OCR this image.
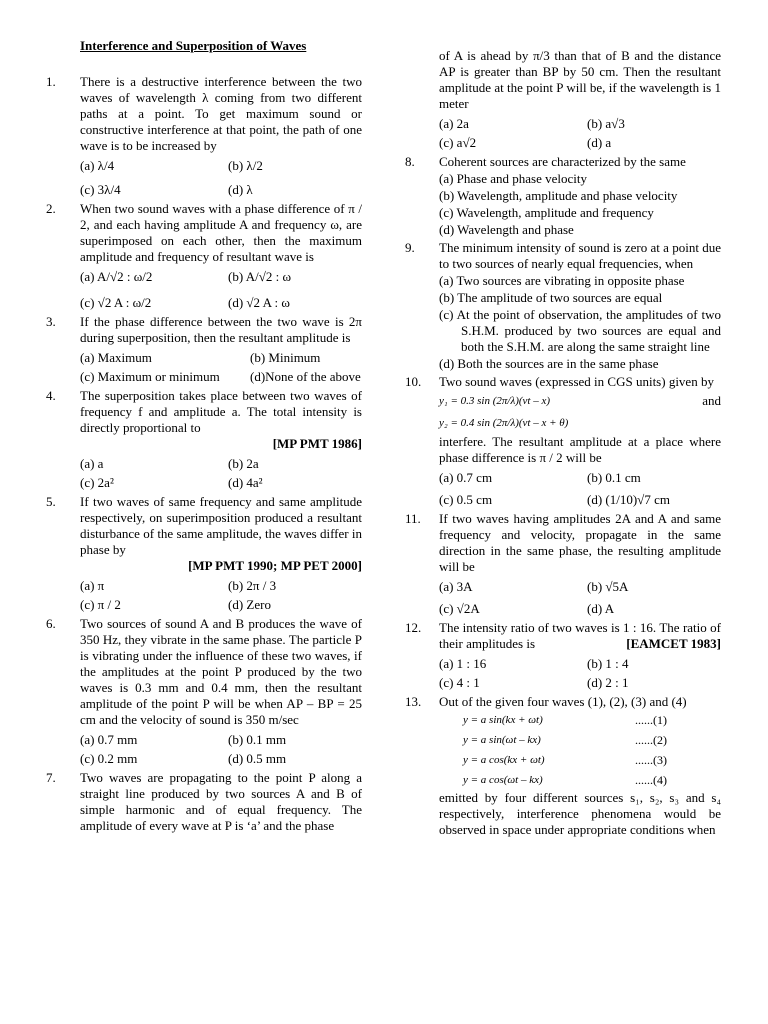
Interference and Superposition of Waves
1. There is a destructive interference between the two waves of wavelength λ coming from two different paths at a point. To get maximum sound or constructive interference at that point, the path of one wave is to be increased by
(a) λ/4	(b) λ/2
(c) 3λ/4	(d) λ
2. When two sound waves with a phase difference of π / 2, and each having amplitude A and frequency ω, are superimposed on each other, then the maximum amplitude and frequency of resultant wave is
(a) A/√2 : ω/2	(b) A/√2 : ω
(c) √2 A : ω/2	(d) √2 A : ω
3. If the phase difference between the two wave is 2π during superposition, then the resultant amplitude is
(a) Maximum	(b) Minimum
(c) Maximum or minimum	(d)None of the above
4. The superposition takes place between two waves of frequency f and amplitude a. The total intensity is directly proportional to
[MP PMT 1986]
(a) a	(b) 2a
(c) 2a²	(d) 4a²
5. If two waves of same frequency and same amplitude respectively, on superimposition produced a resultant disturbance of the same amplitude, the waves differ in phase by
[MP PMT 1990; MP PET 2000]
(a) π	(b) 2π / 3
(c) π / 2	(d) Zero
6. Two sources of sound A and B produces the wave of 350 Hz, they vibrate in the same phase. The particle P is vibrating under the influence of these two waves, if the amplitudes at the point P produced by the two waves is 0.3 mm and 0.4 mm, then the resultant amplitude of the point P will be when AP – BP = 25 cm and the velocity of sound is 350 m/sec
(a) 0.7 mm	(b) 0.1 mm
(c) 0.2 mm	(d) 0.5 mm
7. Two waves are propagating to the point P along a straight line produced by two sources A and B of simple harmonic and of equal frequency. The amplitude of every wave at P is ‘a’ and the phase
of A is ahead by π/3 than that of B and the distance AP is greater than BP by 50 cm. Then the resultant amplitude at the point P will be, if the wavelength is 1 meter
(a) 2a	(b) a√3
(c) a√2	(d) a
8. Coherent sources are characterized by the same
(a) Phase and phase velocity
(b) Wavelength, amplitude and phase velocity
(c) Wavelength, amplitude and frequency
(d) Wavelength and phase
9. The minimum intensity of sound is zero at a point due to two sources of nearly equal frequencies, when
(a) Two sources are vibrating in opposite phase
(b) The amplitude of two sources are equal
(c) At the point of observation, the amplitudes of two S.H.M. produced by two sources are equal and both the S.H.M. are along the same straight line
(d) Both the sources are in the same phase
10. Two sound waves (expressed in CGS units) given by
y₁ = 0.3 sin (2π/λ)(vt – x)	and
y₂ = 0.4 sin (2π/λ)(vt – x + θ)
interfere. The resultant amplitude at a place where phase difference is π / 2 will be
(a) 0.7 cm	(b) 0.1 cm
(c) 0.5 cm	(d) (1/10)√7 cm
11. If two waves having amplitudes 2A and A and same frequency and velocity, propagate in the same direction in the same phase, the resulting amplitude will be
(a) 3A	(b) √5A
(c) √2A	(d) A
12. The intensity ratio of two waves is 1 : 16. The ratio of their amplitudes is	[EAMCET 1983]
(a) 1 : 16	(b) 1 : 4
(c) 4 : 1	(d) 2 : 1
13. Out of the given four waves (1), (2), (3) and (4)
y = a sin(kx + ωt)	......(1)
y = a sin(ωt – kx)	......(2)
y = a cos(kx + ωt)	......(3)
y = a cos(ωt – kx)	......(4)
emitted by four different sources s₁, s₂, s₃ and s₄ respectively, interference phenomena would be observed in space under appropriate conditions when
